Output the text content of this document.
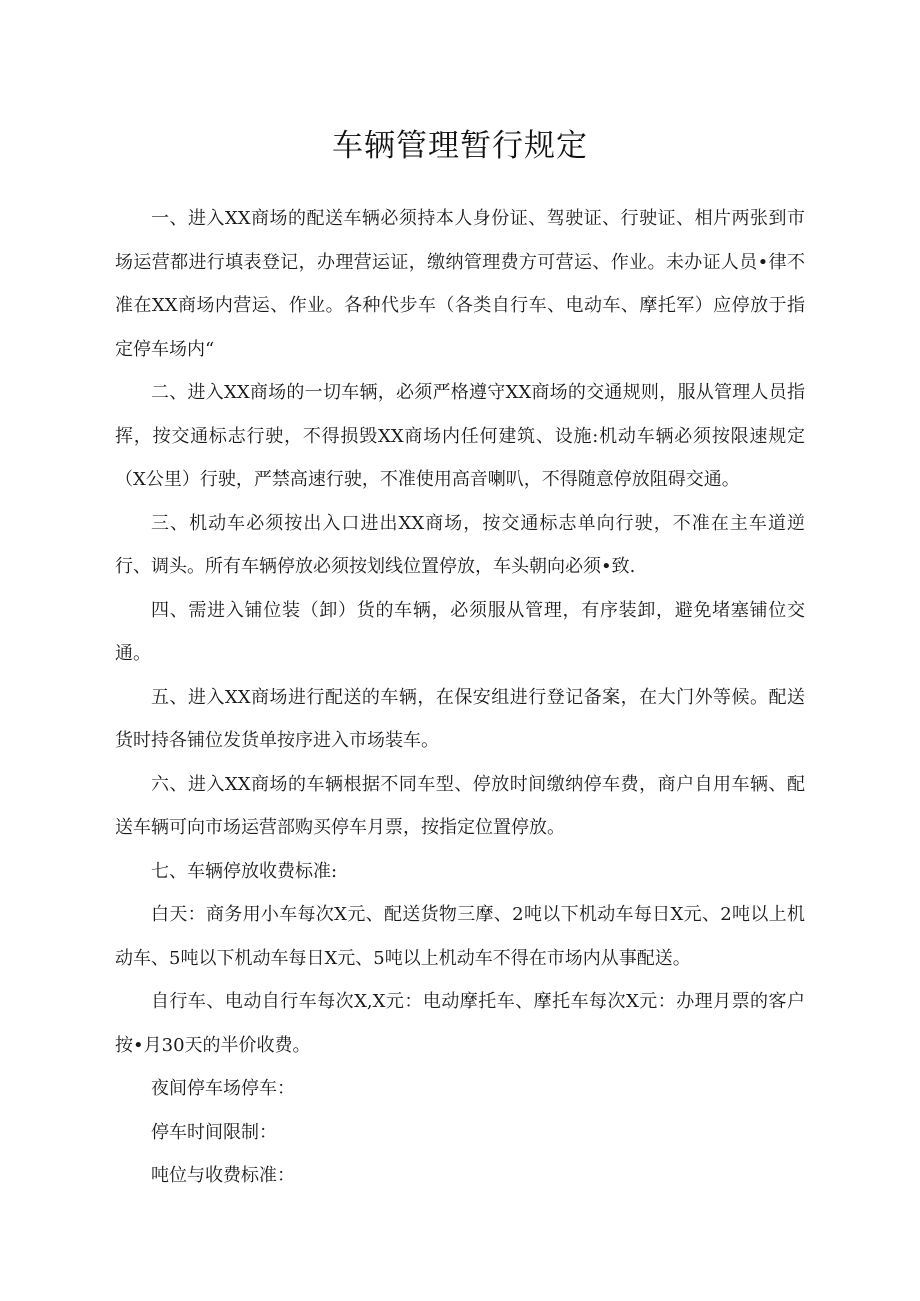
车辆管理暂行规定

一、进入XX商场的配送车辆必须持本人身份证、驾驶证、行驶证、相片两张到市场运营都进行填表登记，办理营运证，缴纳管理费方可营运、作业。未办证人员•律不准在XX商场内营运、作业。各种代步车（各类自行车、电动车、摩托军）应停放于指定停车场内“

二、进入XX商场的一切车辆，必须严格遵守XX商场的交通规则，服从管理人员指挥，按交通标志行驶，不得损毁XX商场内任何建筑、设施:机动车辆必须按限速规定（X公里）行驶，严禁高速行驶，不准使用高音喇叭，不得随意停放阻碍交通。

三、机动车必须按出入口进出XX商场，按交通标志单向行驶，不准在主车道逆行、调头。所有车辆停放必须按划线位置停放，车头朝向必须•致.

四、需进入铺位装（卸）货的车辆，必须服从管理，有序装卸，避免堵塞铺位交通。

五、进入XX商场进行配送的车辆，在保安组进行登记备案，在大门外等候。配送货时持各铺位发货单按序进入市场装车。

六、进入XX商场的车辆根据不同车型、停放时间缴纳停车费，商户自用车辆、配送车辆可向市场运营部购买停车月票，按指定位置停放。

七、车辆停放收费标准:

白天：商务用小车每次X元、配送货物三摩、2吨以下机动车每日X元、2吨以上机动车、5吨以下机动车每日X元、5吨以上机动车不得在市场内从事配送。

自行车、电动自行车每次X,X元：电动摩托车、摩托车每次X元：办理月票的客户按•月30天的半价收费。

夜间停车场停车：

停车时间限制：

吨位与收费标准：
